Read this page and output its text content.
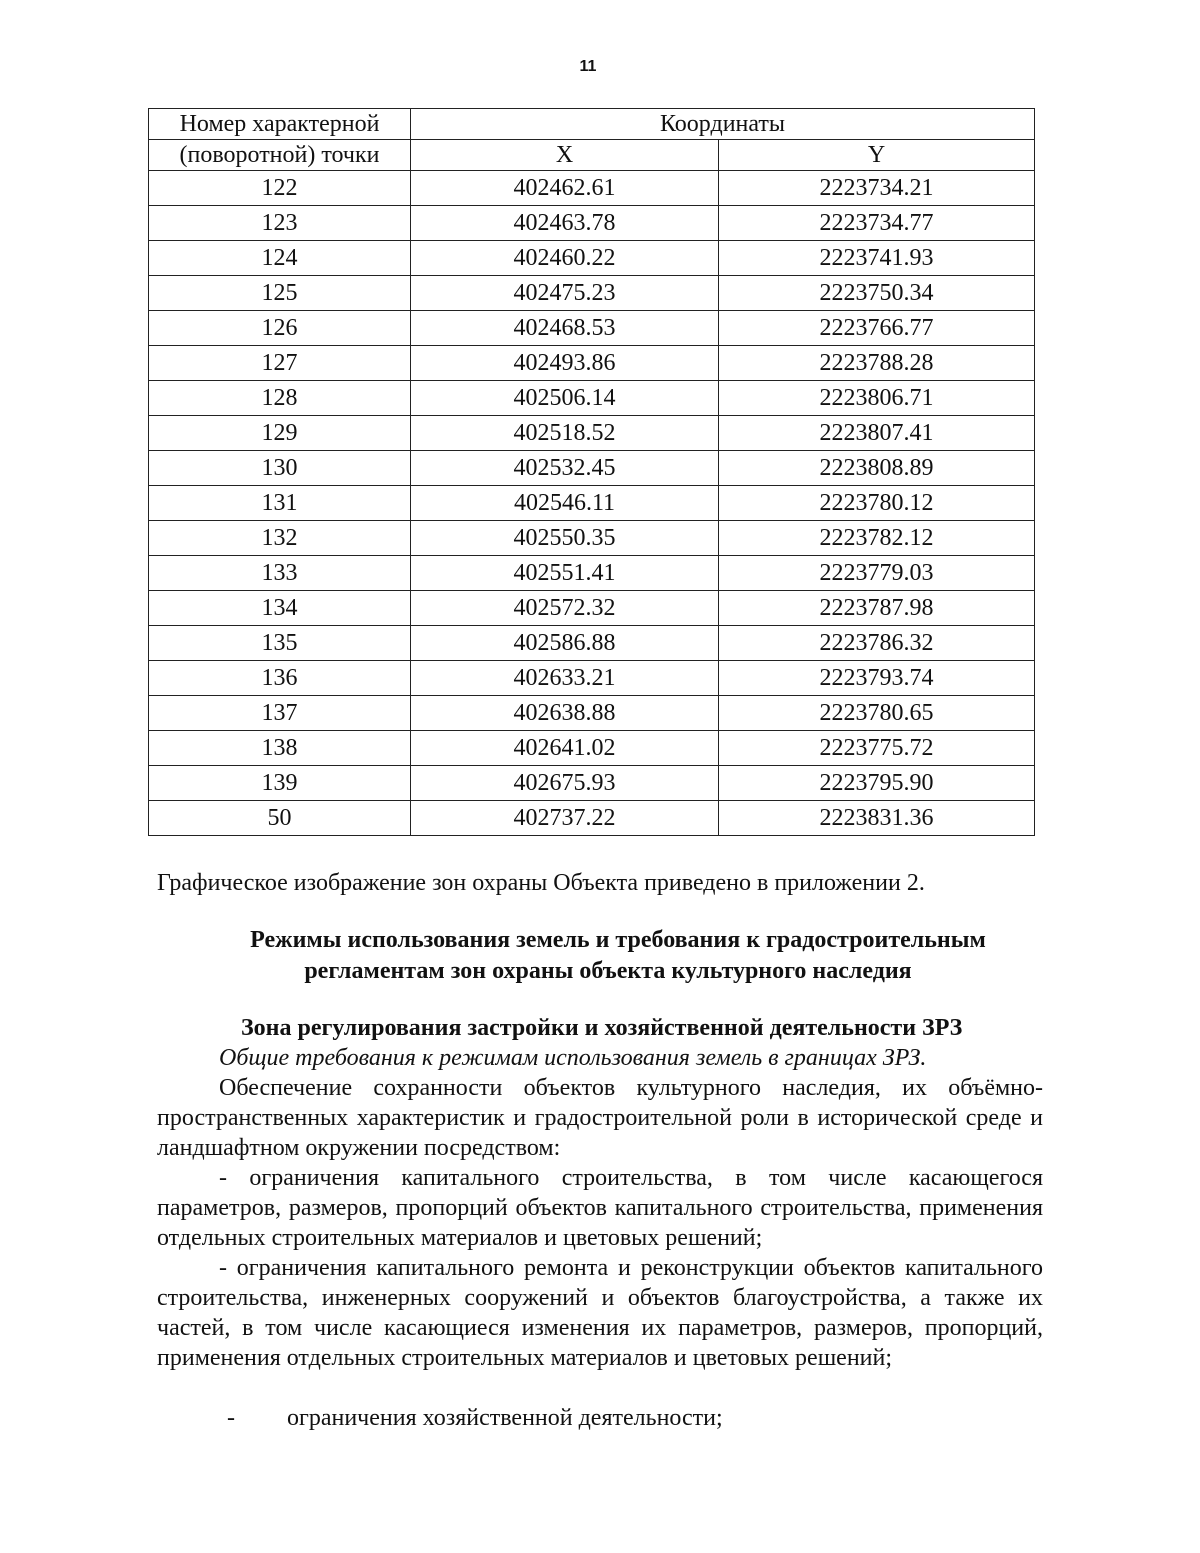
11
Номер характерной	Координаты	
(поворотной) точки	X	Y
122	402462.61	2223734.21
123	402463.78	2223734.77
124	402460.22	2223741.93
125	402475.23	2223750.34
126	402468.53	2223766.77
127	402493.86	2223788.28
128	402506.14	2223806.71
129	402518.52	2223807.41
130	402532.45	2223808.89
131	402546.11	2223780.12
132	402550.35	2223782.12
133	402551.41	2223779.03
134	402572.32	2223787.98
135	402586.88	2223786.32
136	402633.21	2223793.74
137	402638.88	2223780.65
138	402641.02	2223775.72
139	402675.93	2223795.90
50	402737.22	2223831.36
Графическое изображение зон охраны Объекта приведено в приложении 2.
Режимы использования земель и требования к градостроительным
регламентам зон охраны объекта культурного наследия
Зона регулирования застройки и хозяйственной деятельности ЗРЗ
Общие требования к режимам использования земель в границах ЗРЗ.
Обеспечение сохранности объектов культурного наследия, их объёмно-пространственных характеристик и градостроительной роли в исторической среде и ландшафтном окружении посредством:
- ограничения капитального строительства, в том числе касающегося параметров, размеров, пропорций объектов капитального строительства, применения отдельных строительных материалов и цветовых решений;
- ограничения капитального ремонта и реконструкции объектов капитального строительства, инженерных сооружений и объектов благоустройства, а также их частей, в том числе касающиеся изменения их параметров, размеров, пропорций, применения отдельных строительных материалов и цветовых решений;
-	ограничения хозяйственной деятельности;
